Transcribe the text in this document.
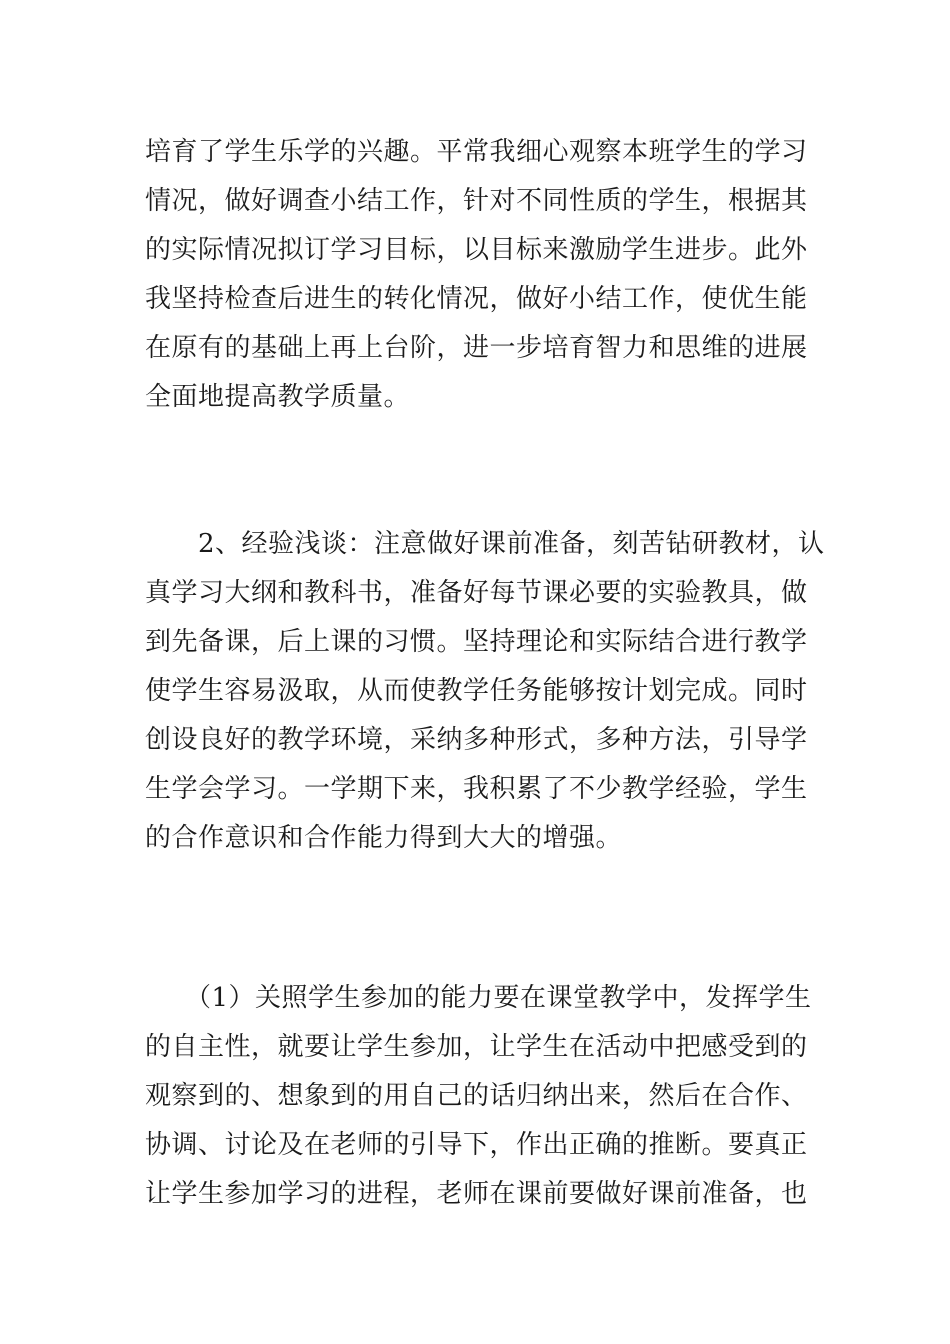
培育了学生乐学的兴趣。平常我细心观察本班学生的学习
情况，做好调查小结工作，针对不同性质的学生，根据其
的实际情况拟订学习目标，以目标来激励学生进步。此外
我坚持检查后进生的转化情况，做好小结工作，使优生能
在原有的基础上再上台阶，进一步培育智力和思维的进展
全面地提高教学质量。
　　2、经验浅谈：注意做好课前准备，刻苦钻研教材，认
真学习大纲和教科书，准备好每节课必要的实验教具，做
到先备课，后上课的习惯。坚持理论和实际结合进行教学
使学生容易汲取，从而使教学任务能够按计划完成。同时
创设良好的教学环境，采纳多种形式，多种方法，引导学
生学会学习。一学期下来，我积累了不少教学经验，学生
的合作意识和合作能力得到大大的增强。
　　（1）关照学生参加的能力要在课堂教学中，发挥学生
的自主性，就要让学生参加，让学生在活动中把感受到的
观察到的、想象到的用自己的话归纳出来，然后在合作、
协调、讨论及在老师的引导下，作出正确的推断。要真正
让学生参加学习的进程，老师在课前要做好课前准备，也
